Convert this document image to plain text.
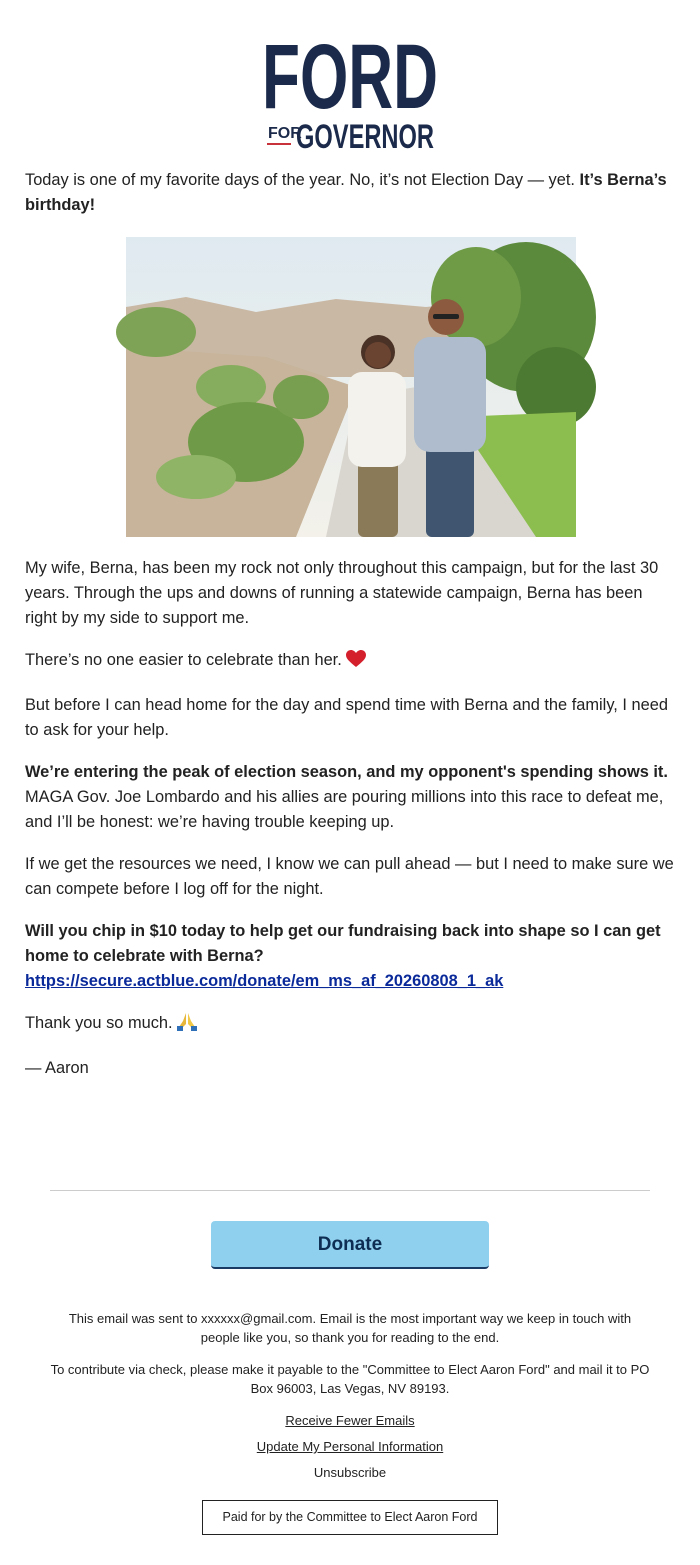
FORD
FOR
GOVERNOR

Today is one of my favorite days of the year. No, it’s not Election Day — yet. It’s Berna’s birthday!

My wife, Berna, has been my rock not only throughout this campaign, but for the last 30 years. Through the ups and downs of running a statewide campaign, Berna has been right by my side to support me.

There’s no one easier to celebrate than her.

But before I can head home for the day and spend time with Berna and the family, I need to ask for your help.

We’re entering the peak of election season, and my opponent's spending shows it. MAGA Gov. Joe Lombardo and his allies are pouring millions into this race to defeat me, and I’ll be honest: we’re having trouble keeping up.

If we get the resources we need, I know we can pull ahead — but I need to make sure we can compete before I log off for the night.

Will you chip in $10 today to help get our fundraising back into shape so I can get home to celebrate with Berna?
https://secure.actblue.com/donate/em_ms_af_20260808_1_ak

Thank you so much.

— Aaron

Donate

This email was sent to xxxxxx@gmail.com. Email is the most important way we keep in touch with people like you, so thank you for reading to the end.

To contribute via check, please make it payable to the "Committee to Elect Aaron Ford" and mail it to PO Box 96003, Las Vegas, NV 89193.

Receive Fewer Emails
Update My Personal Information
Unsubscribe
Paid for by the Committee to Elect Aaron Ford
